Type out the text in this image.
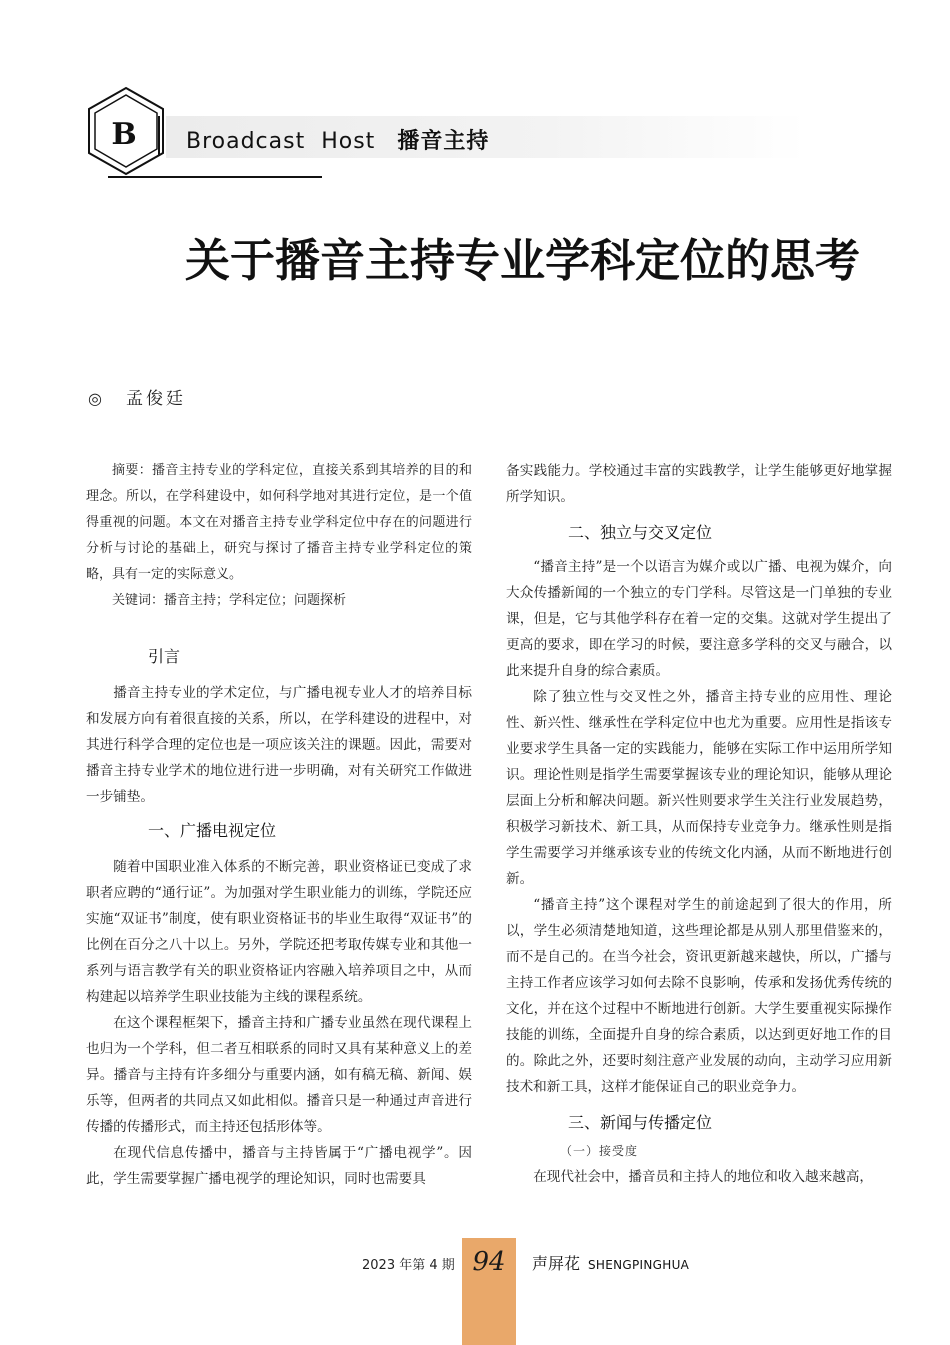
B Broadcast  Host 播音主持
关于播音主持专业学科定位的思考
◎ 孟俊廷

摘要：播音主持专业的学科定位，直接关系到其培养的目的和理念。所以，在学科建设中，如何科学地对其进行定位，是一个值得重视的问题。本文在对播音主持专业学科定位中存在的问题进行分析与讨论的基础上，研究与探讨了播音主持专业学科定位的策略，具有一定的实际意义。

关键词：播音主持；学科定位；问题探析

引言

播音主持专业的学术定位，与广播电视专业人才的培养目标和发展方向有着很直接的关系，所以，在学科建设的进程中，对其进行科学合理的定位也是一项应该关注的课题。因此，需要对播音主持专业学术的地位进行进一步明确，对有关研究工作做进一步铺垫。

一、广播电视定位

随着中国职业准入体系的不断完善，职业资格证已变成了求职者应聘的“通行证”。为加强对学生职业能力的训练，学院还应实施“双证书”制度，使有职业资格证书的毕业生取得“双证书”的比例在百分之八十以上。另外，学院还把考取传媒专业和其他一系列与语言教学有关的职业资格证内容融入培养项目之中，从而构建起以培养学生职业技能为主线的课程系统。

在这个课程框架下，播音主持和广播专业虽然在现代课程上也归为一个学科，但二者互相联系的同时又具有某种意义上的差异。播音与主持有许多细分与重要内涵，如有稿无稿、新闻、娱乐等，但两者的共同点又如此相似。播音只是一种通过声音进行传播的传播形式，而主持还包括形体等。

在现代信息传播中，播音与主持皆属于“广播电视学”。因此，学生需要掌握广播电视学的理论知识，同时也需要具

备实践能力。学校通过丰富的实践教学，让学生能够更好地掌握所学知识。

二、独立与交叉定位

“播音主持”是一个以语言为媒介或以广播、电视为媒介，向大众传播新闻的一个独立的专门学科。尽管这是一门单独的专业课，但是，它与其他学科存在着一定的交集。这就对学生提出了更高的要求，即在学习的时候，要注意多学科的交叉与融合，以此来提升自身的综合素质。

除了独立性与交叉性之外，播音主持专业的应用性、理论性、新兴性、继承性在学科定位中也尤为重要。应用性是指该专业要求学生具备一定的实践能力，能够在实际工作中运用所学知识。理论性则是指学生需要掌握该专业的理论知识，能够从理论层面上分析和解决问题。新兴性则要求学生关注行业发展趋势，积极学习新技术、新工具，从而保持专业竞争力。继承性则是指学生需要学习并继承该专业的传统文化内涵，从而不断地进行创新。

“播音主持”这个课程对学生的前途起到了很大的作用，所以，学生必须清楚地知道，这些理论都是从别人那里借鉴来的，而不是自己的。在当今社会，资讯更新越来越快，所以，广播与主持工作者应该学习如何去除不良影响，传承和发扬优秀传统的文化，并在这个过程中不断地进行创新。大学生要重视实际操作技能的训练，全面提升自身的综合素质，以达到更好地工作的目的。除此之外，还要时刻注意产业发展的动向，主动学习应用新技术和新工具，这样才能保证自己的职业竞争力。

三、新闻与传播定位

（一）接受度

在现代社会中，播音员和主持人的地位和收入越来越高，

2023 年第 4 期 94	声屏花 SHENGPINGHUA
